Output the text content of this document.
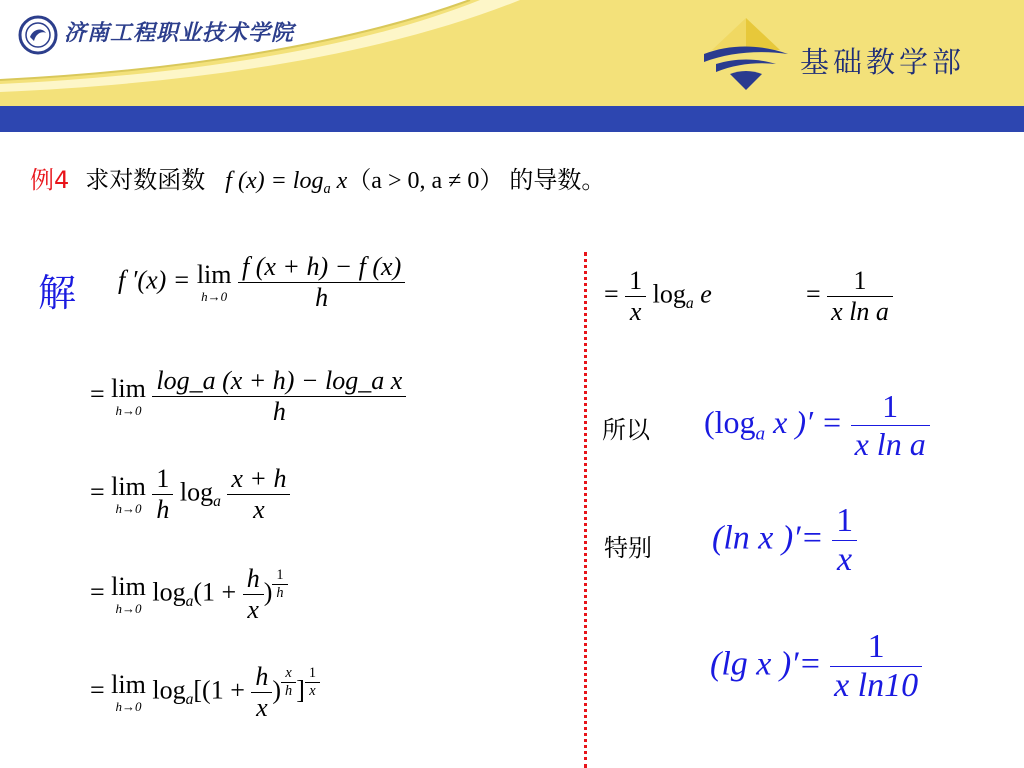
济南工程职业技术学院
基础教学部
例4 求对数函数 f $(x) = \log_a x(a > 0$, a ≠ 0） 的导数。
解 f ′(x) = lim
h→0
$\frac{f (x + h) - f (x)}{h}$
= lim
h→0
$\frac{\text{log\_a (x + h) − log\_a x}}{h}$
= lim
h→0
$\frac{1}{h} \log_a \frac{x + h}{x}$
= lim
h→0
$\log_a(1 + \frac{h}{x}$ ) $\frac{1}{h}$
= lim
h→0
$\log_a[(1 + \frac{h}{x}$ ) $\frac{x}{h}$ ] $\frac{1}{x}$
= $\frac{1}{x} \log_a e$	= $\frac{1}{\text{x ln a}}$
所以 ($\log_a$ x )′ = $\frac{1}{\text{x ln a}}$
特别 (ln x )′= $\frac{1}{x}$
(lg x )′= $\frac{1}{\text{x ln10}}$
